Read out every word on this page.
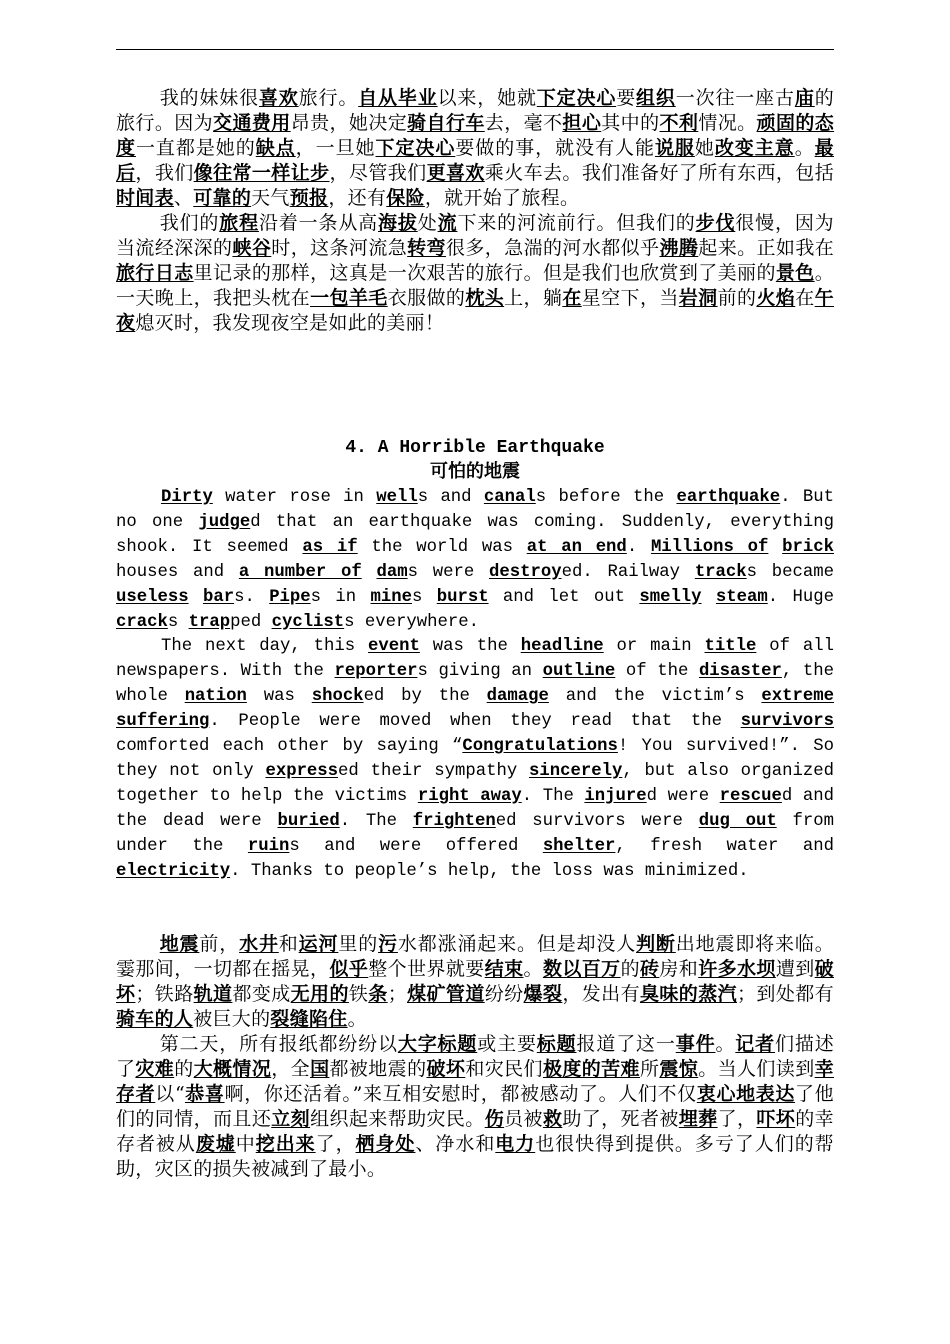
我的妹妹很喜欢旅行。自从毕业以来，她就下定决心要组织一次往一座古庙的旅行。因为交通费用昂贵，她决定骑自行车去，毫不担心其中的不利情况。顽固的态度一直都是她的缺点，一旦她下定决心要做的事，就没有人能说服她改变主意。最后，我们像往常一样让步，尽管我们更喜欢乘火车去。我们准备好了所有东西，包括时间表、可靠的天气预报，还有保险，就开始了旅程。

我们的旅程沿着一条从高海拔处流下来的河流前行。但我们的步伐很慢，因为当流经深深的峡谷时，这条河流急转弯很多，急湍的河水都似乎沸腾起来。正如我在旅行日志里记录的那样，这真是一次艰苦的旅行。但是我们也欣赏到了美丽的景色。一天晚上，我把头枕在一包羊毛衣服做的枕头上，躺在星空下，当岩洞前的火焰在午夜熄灭时，我发现夜空是如此的美丽！

4. A Horrible Earthquake
可怕的地震

Dirty water rose in wells and canals before the earthquake. But no one judged that an earthquake was coming. Suddenly, everything shook. It seemed as if the world was at an end. Millions of brick houses and a number of dams were destroyed. Railway tracks became useless bars. Pipes in mines burst and let out smelly steam. Huge cracks trapped cyclists everywhere.

The next day, this event was the headline or main title of all newspapers. With the reporters giving an outline of the disaster, the whole nation was shocked by the damage and the victim’s extreme suffering. People were moved when they read that the survivors comforted each other by saying “Congratulations! You survived!”. So they not only expressed their sympathy sincerely, but also organized together to help the victims right away. The injured were rescued and the dead were buried. The frightened survivors were dug out from under the ruins and were offered shelter, fresh water and electricity. Thanks to people’s help, the loss was minimized.

地震前，水井和运河里的污水都涨涌起来。但是却没人判断出地震即将来临。霎那间，一切都在摇晃，似乎整个世界就要结束。数以百万的砖房和许多水坝遭到破坏；铁路轨道都变成无用的铁条；煤矿管道纷纷爆裂，发出有臭味的蒸汽；到处都有骑车的人被巨大的裂缝陷住。

第二天，所有报纸都纷纷以大字标题或主要标题报道了这一事件。记者们描述了灾难的大概情况，全国都被地震的破坏和灾民们极度的苦难所震惊。当人们读到幸存者以“恭喜啊，你还活着。”来互相安慰时，都被感动了。人们不仅衷心地表达了他们的同情，而且还立刻组织起来帮助灾民。伤员被救助了，死者被埋葬了，吓坏的幸存者被从废墟中挖出来了，栖身处、净水和电力也很快得到提供。多亏了人们的帮助，灾区的损失被减到了最小。
